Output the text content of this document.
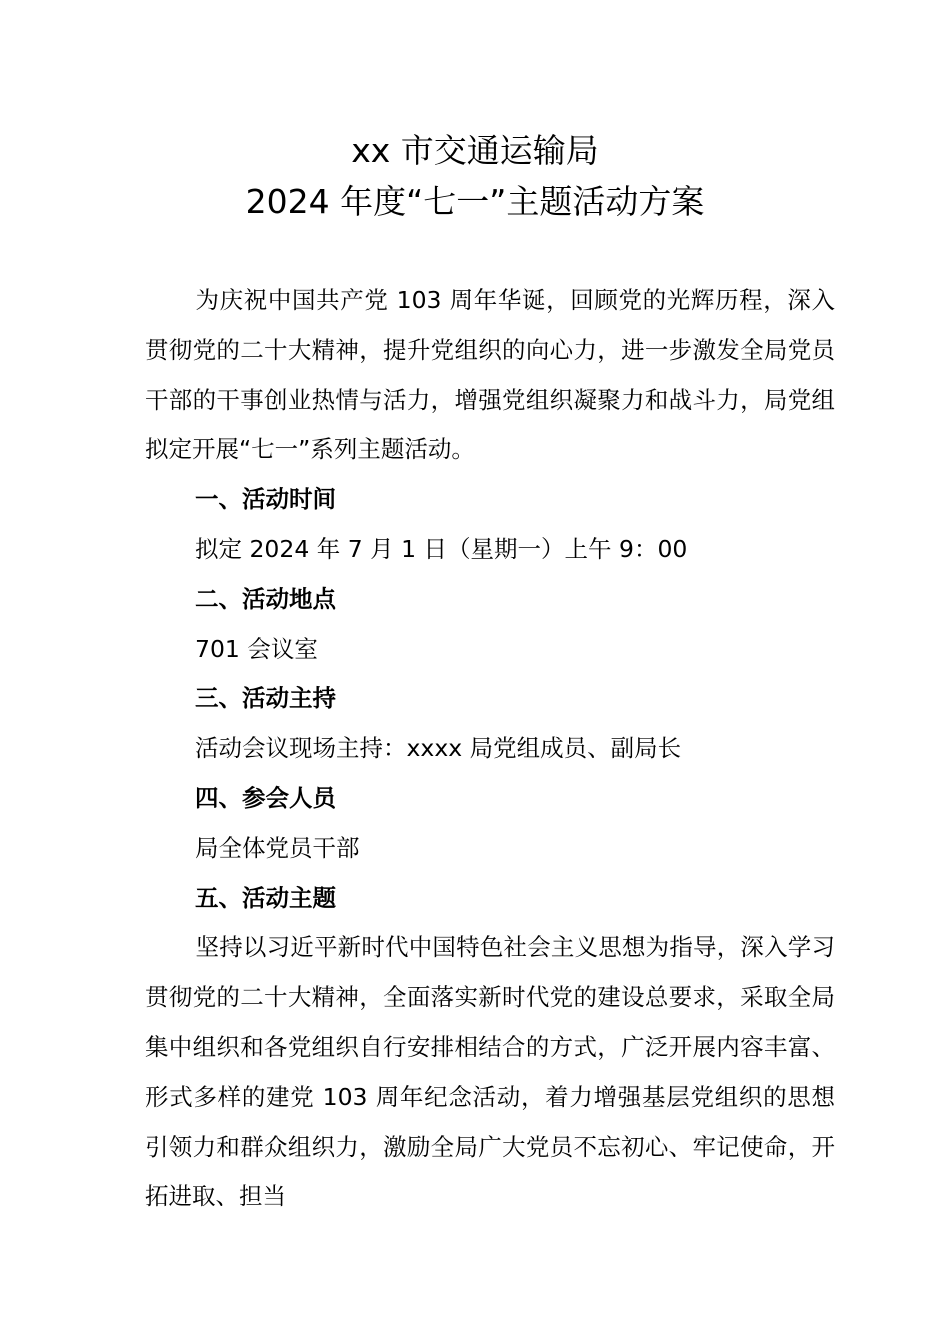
xx 市交通运输局
2024 年度“七一”主题活动方案

为庆祝中国共产党 103 周年华诞，回顾党的光辉历程，深入贯彻党的二十大精神，提升党组织的向心力，进一步激发全局党员干部的干事创业热情与活力，增强党组织凝聚力和战斗力，局党组拟定开展“七一”系列主题活动。

一、活动时间

拟定 2024 年 7 月 1 日（星期一）上午 9：00

二、活动地点

701 会议室

三、活动主持

活动会议现场主持：xxxx 局党组成员、副局长

四、参会人员

局全体党员干部

五、活动主题

坚持以习近平新时代中国特色社会主义思想为指导，深入学习贯彻党的二十大精神，全面落实新时代党的建设总要求，采取全局集中组织和各党组织自行安排相结合的方式，广泛开展内容丰富、形式多样的建党 103 周年纪念活动，着力增强基层党组织的思想引领力和群众组织力，激励全局广大党员不忘初心、牢记使命，开拓进取、担当
